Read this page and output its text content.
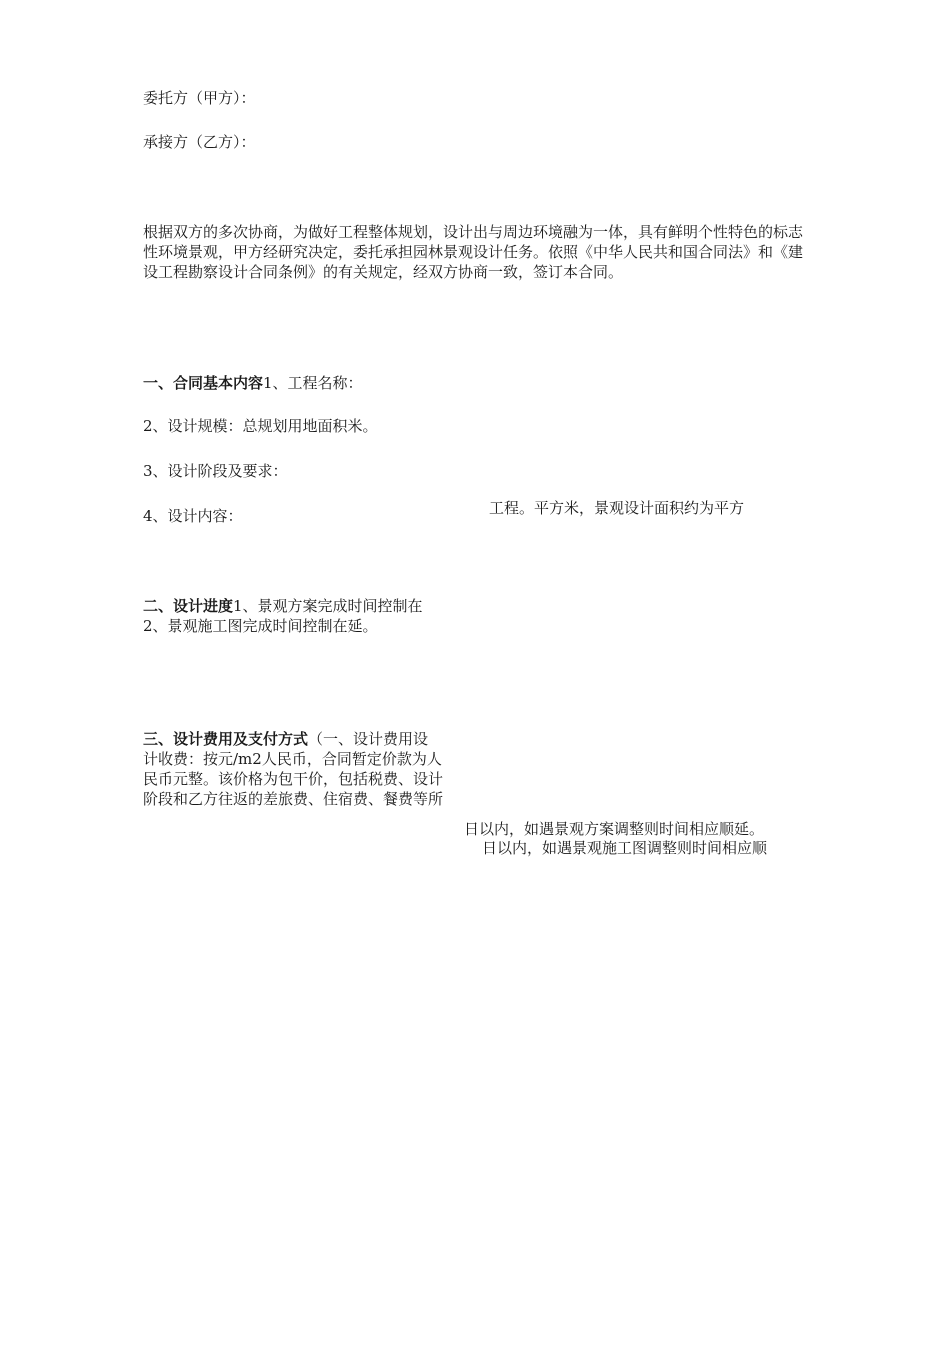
委托方（甲方）：

承接方（乙方）：

根据双方的多次协商，为做好工程整体规划，设计出与周边环境融为一体，具有鲜明个性特色的标志性环境景观，甲方经研究决定，委托承担园林景观设计任务。依照《中华人民共和国合同法》和《建设工程勘察设计合同条例》的有关规定，经双方协商一致，签订本合同。

一、合同基本内容1、工程名称：

2、设计规模：总规划用地面积米。

3、设计阶段及要求：

4、设计内容：	工程。平方米，景观设计面积约为平方

二、设计进度1、景观方案完成时间控制在2、景观施工图完成时间控制在延。

三、设计费用及支付方式（一、设计费用设计收费：按元/m2人民币，合同暂定价款为人民币元整。该价格为包干价，包括税费、设计阶段和乙方往返的差旅费、住宿费、餐费等所

日以内，如遇景观方案调整则时间相应顺延。

日以内，如遇景观施工图调整则时间相应顺
